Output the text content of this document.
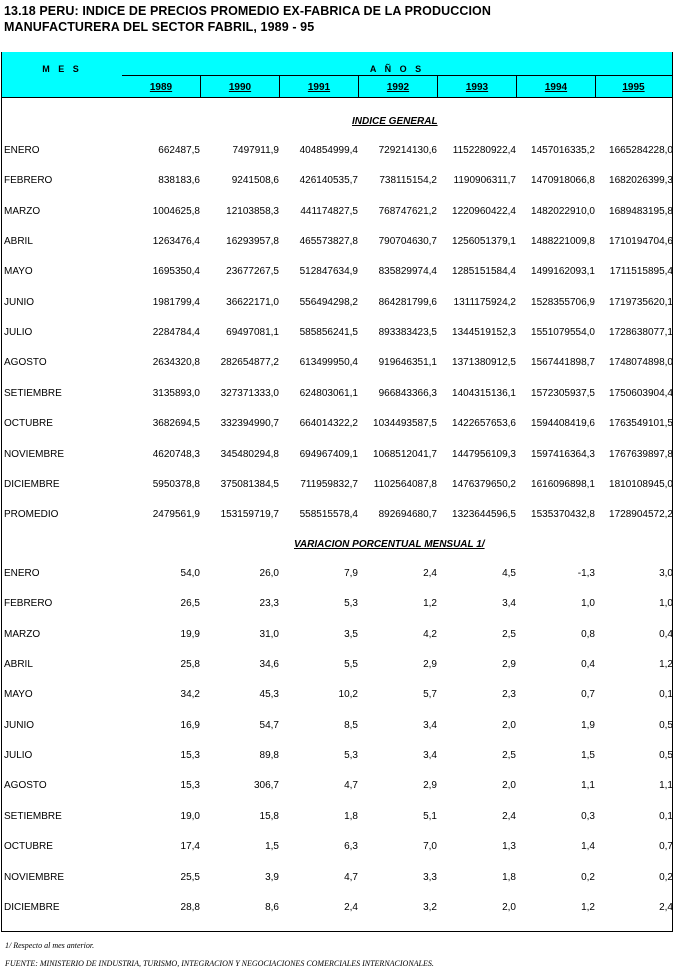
13.18 PERU: INDICE DE PRECIOS PROMEDIO EX-FABRICA DE LA PRODUCCION
MANUFACTURERA DEL SECTOR FABRIL, 1989 - 95
M E S	A Ñ O S
1989	1990	1991	1992	1993	1994	1995
INDICE GENERAL
ENERO	662487,5	7497911,9	404854999,4	729214130,6	1152280922,4	1457016335,2	1665284228,0
FEBRERO	838183,6	9241508,6	426140535,7	738115154,2	1190906311,7	1470918066,8	1682026399,3
MARZO	1004625,8	12103858,3	441174827,5	768747621,2	1220960422,4	1482022910,0	1689483195,8
ABRIL	1263476,4	16293957,8	465573827,8	790704630,7	1256051379,1	1488221009,8	1710194704,6
MAYO	1695350,4	23677267,5	512847634,9	835829974,4	1285151584,4	1499162093,1	1711515895,4
JUNIO	1981799,4	36622171,0	556494298,2	864281799,6	1311175924,2	1528355706,9	1719735620,1
JULIO	2284784,4	69497081,1	585856241,5	893383423,5	1344519152,3	1551079554,0	1728638077,1
AGOSTO	2634320,8	282654877,2	613499950,4	919646351,1	1371380912,5	1567441898,7	1748074898,0
SETIEMBRE	3135893,0	327371333,0	624803061,1	966843366,3	1404315136,1	1572305937,5	1750603904,4
OCTUBRE	3682694,5	332394990,7	664014322,2	1034493587,5	1422657653,6	1594408419,6	1763549101,5
NOVIEMBRE	4620748,3	345480294,8	694967409,1	1068512041,7	1447956109,3	1597416364,3	1767639897,8
DICIEMBRE	5950378,8	375081384,5	711959832,7	1102564087,8	1476379650,2	1616096898,1	1810108945,0
PROMEDIO	2479561,9	153159719,7	558515578,4	892694680,7	1323644596,5	1535370432,8	1728904572,2
VARIACION PORCENTUAL MENSUAL 1/
ENERO	54,0	26,0	7,9	2,4	4,5	-1,3	3,0
FEBRERO	26,5	23,3	5,3	1,2	3,4	1,0	1,0
MARZO	19,9	31,0	3,5	4,2	2,5	0,8	0,4
ABRIL	25,8	34,6	5,5	2,9	2,9	0,4	1,2
MAYO	34,2	45,3	10,2	5,7	2,3	0,7	0,1
JUNIO	16,9	54,7	8,5	3,4	2,0	1,9	0,5
JULIO	15,3	89,8	5,3	3,4	2,5	1,5	0,5
AGOSTO	15,3	306,7	4,7	2,9	2,0	1,1	1,1
SETIEMBRE	19,0	15,8	1,8	5,1	2,4	0,3	0,1
OCTUBRE	17,4	1,5	6,3	7,0	1,3	1,4	0,7
NOVIEMBRE	25,5	3,9	4,7	3,3	1,8	0,2	0,2
DICIEMBRE	28,8	8,6	2,4	3,2	2,0	1,2	2,4
1/ Respecto al mes anterior.
FUENTE: MINISTERIO DE INDUSTRIA, TURISMO, INTEGRACION Y NEGOCIACIONES COMERCIALES INTERNACIONALES.
